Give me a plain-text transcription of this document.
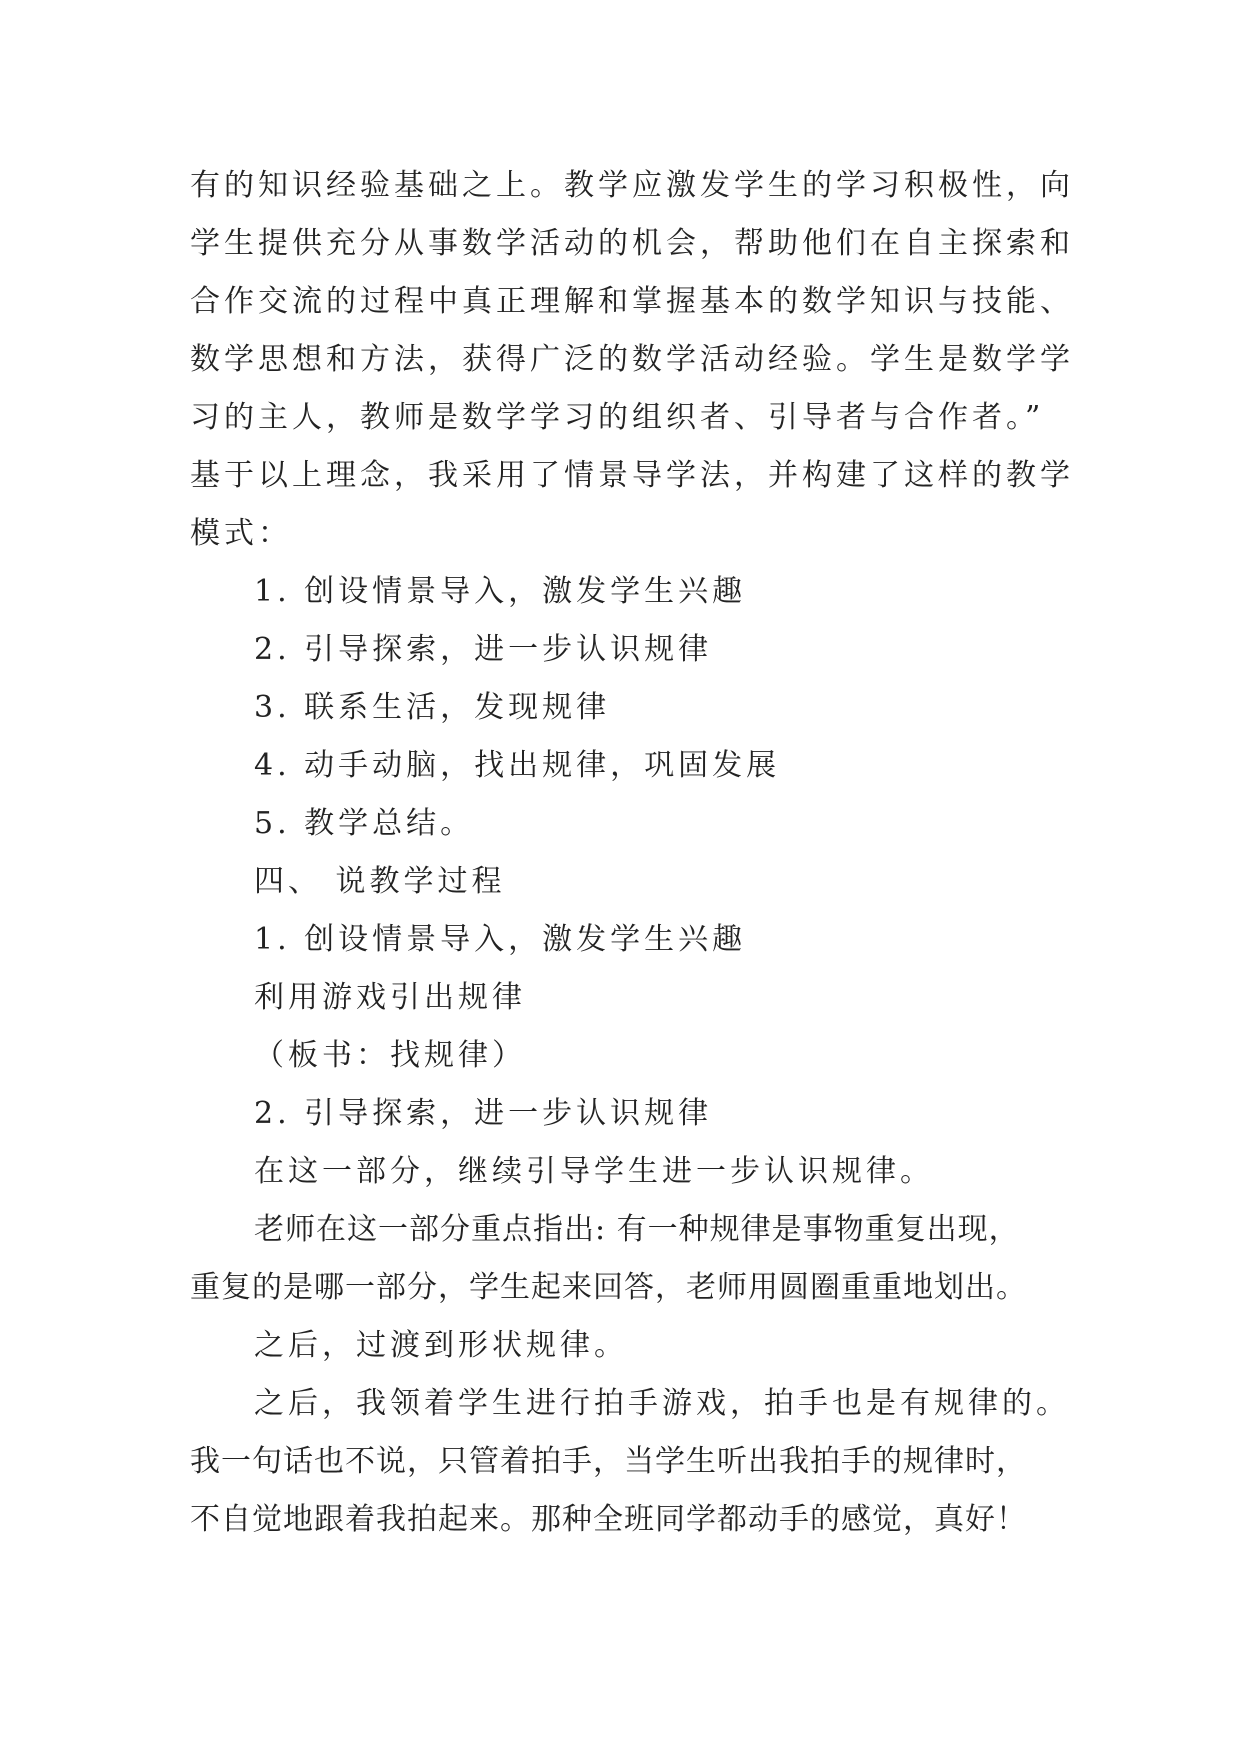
有的知识经验基础之上。教学应激发学生的学习积极性，向
学生提供充分从事数学活动的机会，帮助他们在自主探索和
合作交流的过程中真正理解和掌握基本的数学知识与技能、
数学思想和方法，获得广泛的数学活动经验。学生是数学学
习的主人，教师是数学学习的组织者、引导者与合作者。”
基于以上理念，我采用了情景导学法，并构建了这样的教学
模式：
1. 创设情景导入，激发学生兴趣
2. 引导探索，进一步认识规律
3. 联系生活，发现规律
4. 动手动脑，找出规律，巩固发展
5. 教学总结。
四、 说教学过程
1. 创设情景导入，激发学生兴趣
利用游戏引出规律
（板书：找规律）
2. 引导探索，进一步认识规律
在这一部分，继续引导学生进一步认识规律。
老师在这一部分重点指出: 有一种规律是事物重复出现，
重复的是哪一部分，学生起来回答，老师用圆圈重重地划出。
之后，过渡到形状规律。
之后，我领着学生进行拍手游戏，拍手也是有规律的。
我一句话也不说，只管着拍手，当学生听出我拍手的规律时，
不自觉地跟着我拍起来。那种全班同学都动手的感觉，真好！
